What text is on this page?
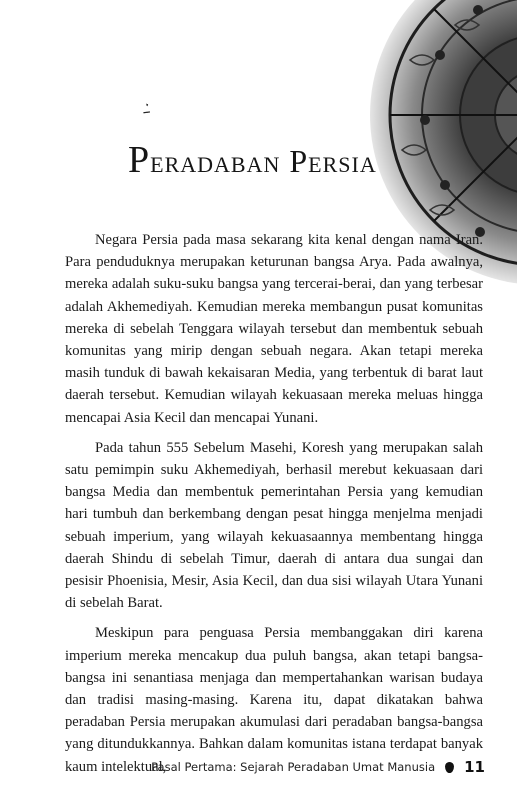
ـٰ۬ـ
Peradaban Persia

Negara Persia pada masa sekarang kita kenal dengan nama Iran. Para penduduknya merupakan keturunan bangsa Arya. Pada awalnya, mereka adalah suku-suku bangsa yang tercerai-berai, dan yang terbesar adalah Akhemediyah. Kemudian mereka membangun pusat komunitas mereka di sebelah Tenggara wilayah tersebut dan membentuk sebuah komunitas yang mirip dengan sebuah negara. Akan tetapi mereka masih tunduk di bawah kekaisaran Media, yang terbentuk di barat laut daerah tersebut. Kemudian wilayah kekuasaan mereka meluas hingga mencapai Asia Kecil dan mencapai Yunani.

Pada tahun 555 Sebelum Masehi, Koresh yang merupakan salah satu pemimpin suku Akhemediyah, berhasil merebut kekuasaan dari bangsa Media dan membentuk pemerintahan Persia yang kemudian hari tumbuh dan berkembang dengan pesat hingga menjelma menjadi sebuah imperium, yang wilayah kekuasaannya membentang hingga daerah Shindu di sebelah Timur, daerah di antara dua sungai dan pesisir Phoenisia, Mesir, Asia Kecil, dan dua sisi wilayah Utara Yunani di sebelah Barat.

Meskipun para penguasa Persia membanggakan diri karena imperium mereka mencakup dua puluh bangsa, akan tetapi bangsa-bangsa ini senantiasa menjaga dan mempertahankan warisan budaya dan tradisi masing-masing. Karena itu, dapat dikatakan bahwa peradaban Persia merupakan akumulasi dari peradaban bangsa-bangsa yang ditundukkannya. Bahkan dalam komunitas istana terdapat banyak kaum intelektual,

Pasal Pertama: Sejarah Peradaban Umat Manusia 11
